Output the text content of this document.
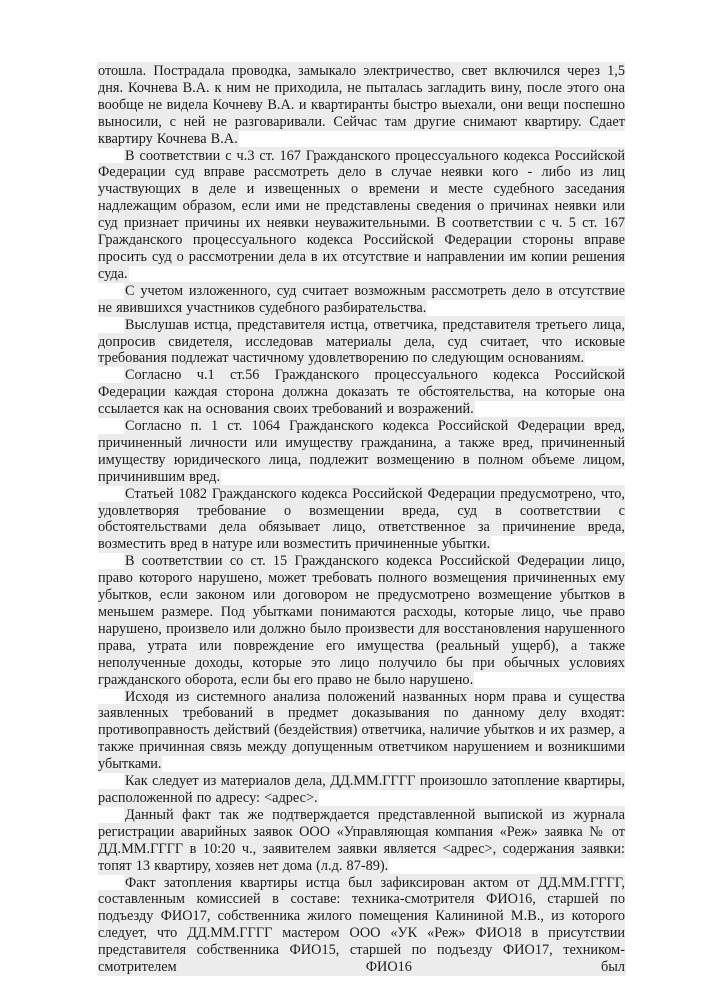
отошла. Пострадала проводка, замыкало электричество, свет включился через 1,5 дня. Кочнева В.А. к ним не приходила, не пыталась загладить вину, после этого она вообще не видела Кочневу В.А. и квартиранты быстро выехали, они вещи поспешно выносили, с ней не разговаривали. Сейчас там другие снимают квартиру. Сдает квартиру Кочнева В.А.

В соответствии с ч.3 ст. 167 Гражданского процессуального кодекса Российской Федерации суд вправе рассмотреть дело в случае неявки кого - либо из лиц участвующих в деле и извещенных о времени и месте судебного заседания надлежащим образом, если ими не представлены сведения о причинах неявки или суд признает причины их неявки неуважительными. В соответствии с ч. 5 ст. 167 Гражданского процессуального кодекса Российской Федерации стороны вправе просить суд о рассмотрении дела в их отсутствие и направлении им копии решения суда.

С учетом изложенного, суд считает возможным рассмотреть дело в отсутствие не явившихся участников судебного разбирательства.

Выслушав истца, представителя истца, ответчика, представителя третьего лица, допросив свидетеля, исследовав материалы дела, суд считает, что исковые требования подлежат частичному удовлетворению по следующим основаниям.

Согласно ч.1 ст.56 Гражданского процессуального кодекса Российской Федерации каждая сторона должна доказать те обстоятельства, на которые она ссылается как на основания своих требований и возражений.

Согласно п. 1 ст. 1064 Гражданского кодекса Российской Федерации вред, причиненный личности или имуществу гражданина, а также вред, причиненный имуществу юридического лица, подлежит возмещению в полном объеме лицом, причинившим вред.

Статьей 1082 Гражданского кодекса Российской Федерации предусмотрено, что, удовлетворяя требование о возмещении вреда, суд в соответствии с обстоятельствами дела обязывает лицо, ответственное за причинение вреда, возместить вред в натуре или возместить причиненные убытки.

В соответствии со ст. 15 Гражданского кодекса Российской Федерации лицо, право которого нарушено, может требовать полного возмещения причиненных ему убытков, если законом или договором не предусмотрено возмещение убытков в меньшем размере. Под убытками понимаются расходы, которые лицо, чье право нарушено, произвело или должно было произвести для восстановления нарушенного права, утрата или повреждение его имущества (реальный ущерб), а также неполученные доходы, которые это лицо получило бы при обычных условиях гражданского оборота, если бы его право не было нарушено.

Исходя из системного анализа положений названных норм права и существа заявленных требований в предмет доказывания по данному делу входят: противоправность действий (бездействия) ответчика, наличие убытков и их размер, а также причинная связь между допущенным ответчиком нарушением и возникшими убытками.

Как следует из материалов дела, ДД.ММ.ГГГГ произошло затопление квартиры, расположенной по адресу: <адрес>.

Данный факт так же подтверждается представленной выпиской из журнала регистрации аварийных заявок ООО «Управляющая компания «Реж» заявка № от ДД.ММ.ГГГГ в 10:20 ч., заявителем заявки является <адрес>, содержания заявки: топят 13 квартиру, хозяев нет дома (л.д. 87-89).

Факт затопления квартиры истца был зафиксирован актом от ДД.ММ.ГГГГ, составленным комиссией в составе: техника-смотрителя ФИО16, старшей по подъезду ФИО17, собственника жилого помещения Калининой М.В., из которого следует, что ДД.ММ.ГГГГ мастером ООО «УК «Реж» ФИО18 в присутствии представителя собственника ФИО15, старшей по подъезду ФИО17, техником-смотрителем ФИО16 был
